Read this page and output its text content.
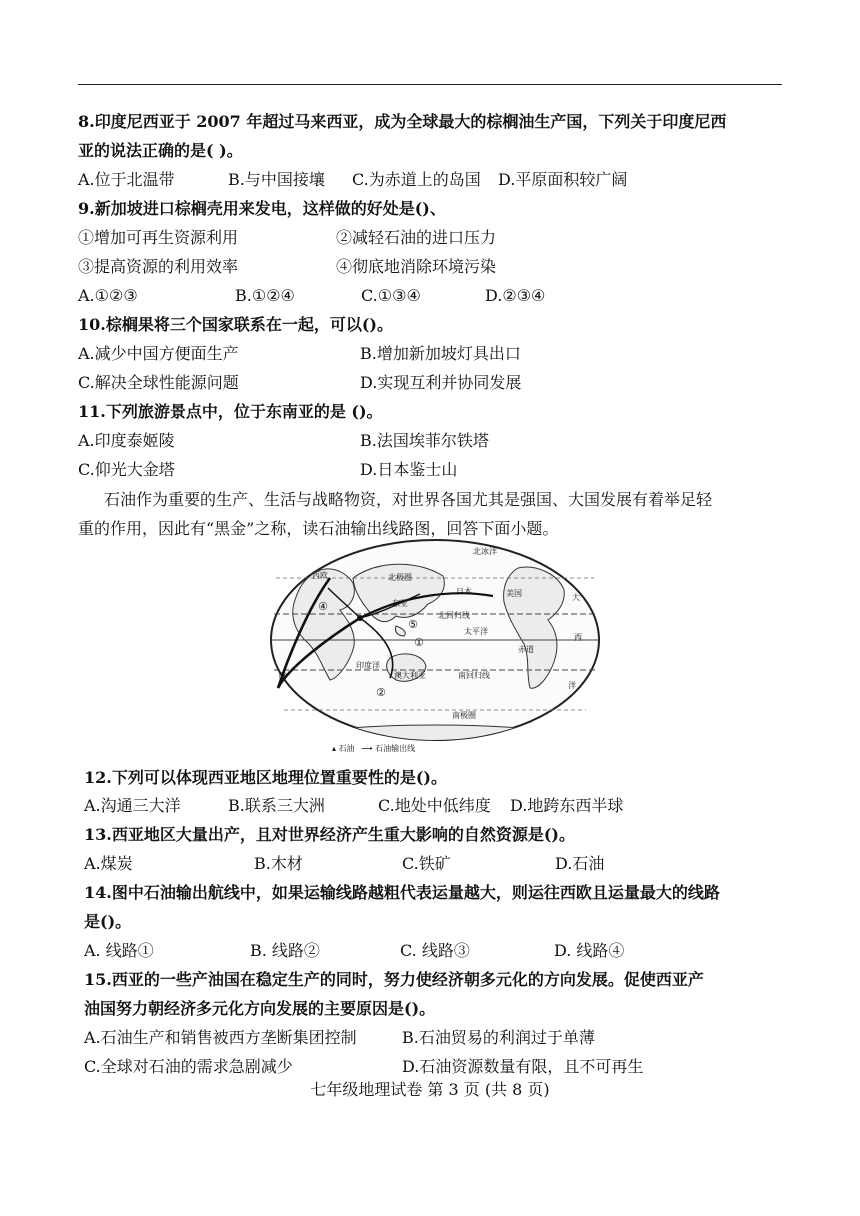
8.印度尼西亚于 2007 年超过马来西亚，成为全球最大的棕榈油生产国，下列关于印度尼西
亚的说法正确的是( )。
A.位于北温带	B.与中国接壤 C.为赤道上的岛国 D.平原面积较广阔
9.新加坡进口棕榈壳用来发电，这样做的好处是()、
①增加可再生资源利用	②减轻石油的进口压力
③提高资源的利用效率	④彻底地消除环境污染
A.①②③	B.①②④	C.①③④	D.②③④
10.棕榈果将三个国家联系在一起，可以()。
A.减少中国方便面生产	B.增加新加坡灯具出口
C.解决全球性能源问题	D.实现互利并协同发展
11.下列旅游景点中，位于东南亚的是 ()。
A.印度泰姬陵	B.法国埃菲尔铁塔
C.仰光大金塔	D.日本鉴士山
石油作为重要的生产、生活与战略物资，对世界各国尤其是强国、大国发展有着举足轻
重的作用，因此有“黑金”之称，读石油输出线路图，回答下面小题。
北冰洋
西欧	北极圈
东亚
日本	美国
北回归线
太平洋
大
西
赤道
印度洋
澳大利亚	南回归线
洋
南极圈
①
②
③
④
⑤
▴ 石油 ⟶ 石油输出线
12.下列可以体现西亚地区地理位置重要性的是()。
A.沟通三大洋	B.联系三大洲	C.地处中低纬度 D.地跨东西半球
13.西亚地区大量出产，且对世界经济产生重大影响的自然资源是()。
A.煤炭	B.木材	C.铁矿	D.石油
14.图中石油输出航线中，如果运输线路越粗代表运量越大，则运往西欧且运量最大的线路
是()。
A. 线路①	B. 线路②	C. 线路③	D. 线路④
15.西亚的一些产油国在稳定生产的同时，努力使经济朝多元化的方向发展。促使西亚产
油国努力朝经济多元化方向发展的主要原因是()。
A.石油生产和销售被西方垄断集团控制	B.石油贸易的利润过于单薄
C.全球对石油的需求急剧减少	D.石油资源数量有限，且不可再生
七年级地理试卷 第 3 页 (共 8 页)
